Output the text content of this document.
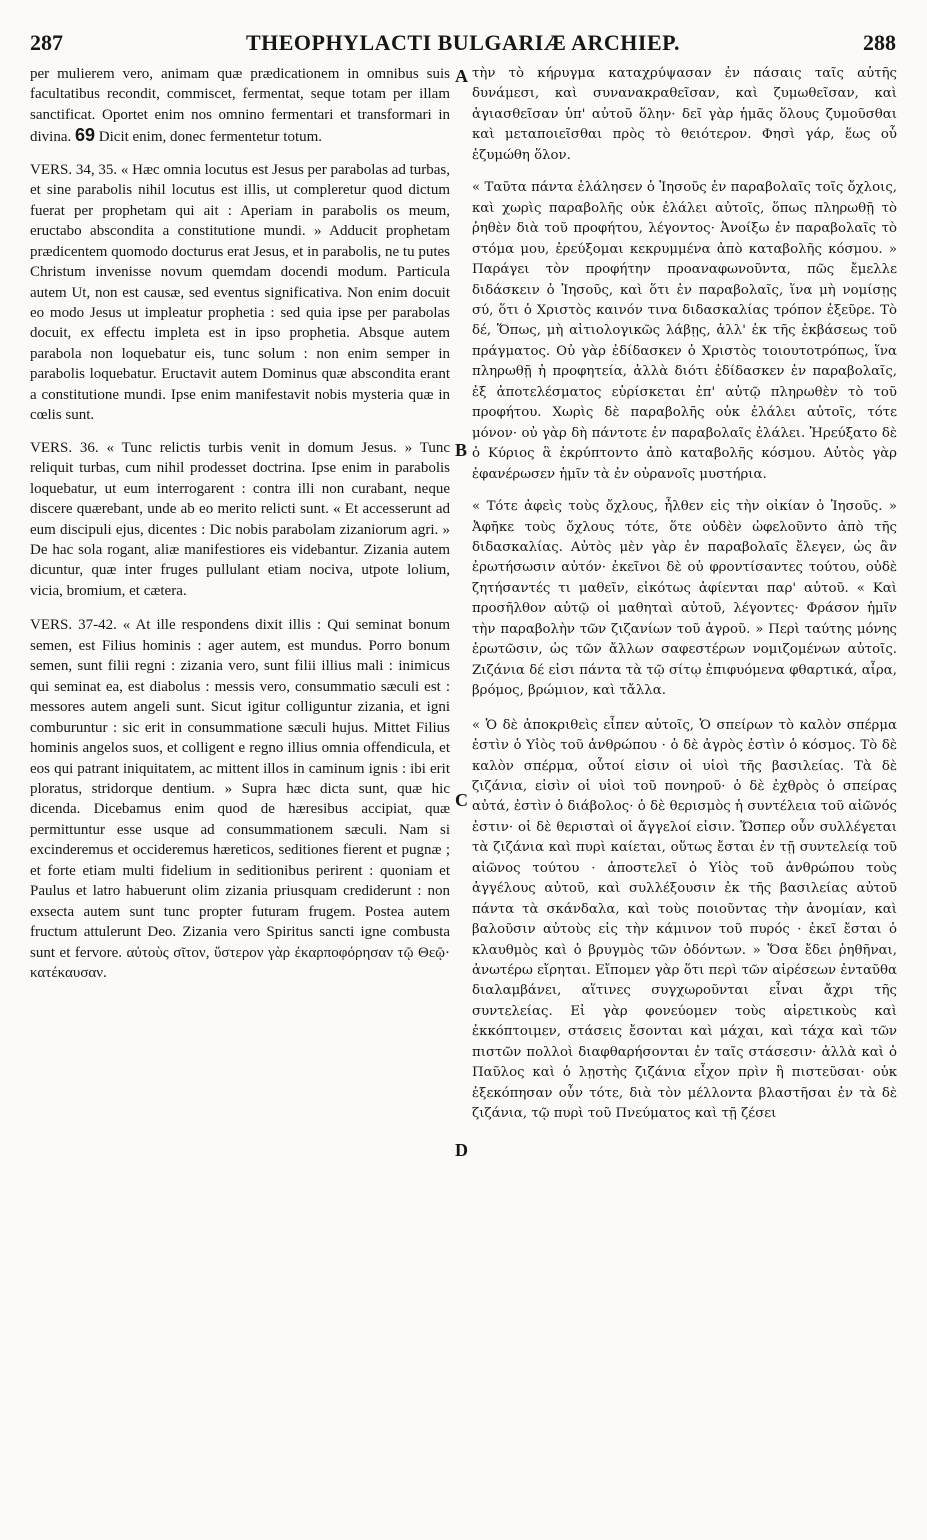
287	THEOPHYLACTI BULGARIÆ ARCHIEP.	288

per mulierem vero, animam quæ prædicationem in omnibus suis facultatibus recondit, commiscet, fermentat, seque totam per illam sanctificat. Oportet enim nos omnino fermentari et transformari in divina. 69 Dicit enim, donec fermentetur totum.

VERS. 34, 35. « Hæc omnia locutus est Jesus per parabolas ad turbas, et sine parabolis nihil locutus est illis, ut compleretur quod dictum fuerat per prophetam qui ait : Aperiam in parabolis os meum, eructabo abscondita a constitutione mundi. » Adducit prophetam prædicentem quomodo docturus erat Jesus, et in parabolis, ne tu putes Christum invenisse novum quemdam docendi modum. Particula autem Ut, non est causæ, sed eventus significativa. Non enim docuit eo modo Jesus ut impleatur prophetia : sed quia ipse per parabolas docuit, ex effectu impleta est in ipso prophetia. Absque autem parabola non loquebatur eis, tunc solum : non enim semper in parabolis loquebatur. Eructavit autem Dominus quæ abscondita erant a constitutione mundi. Ipse enim manifestavit nobis mysteria quæ in cœlis sunt.

VERS. 36. « Tunc relictis turbis venit in domum Jesus. » Tunc reliquit turbas, cum nihil prodesset doctrina. Ipse enim in parabolis loquebatur, ut eum interrogarent : contra illi non curabant, neque discere quærebant, unde ab eo merito relicti sunt. « Et accesserunt ad eum discipuli ejus, dicentes : Dic nobis parabolam zizaniorum agri. » De hac sola rogant, aliæ manifestiores eis videbantur. Zizania autem dicuntur, quæ inter fruges pullulant etiam nociva, utpote lolium, vicia, bromium, et cætera.

VERS. 37-42. « At ille respondens dixit illis : Qui seminat bonum semen, est Filius hominis : ager autem, est mundus. Porro bonum semen, sunt filii regni : zizania vero, sunt filii illius mali : inimicus qui seminat ea, est diabolus : messis vero, consummatio sæculi est : messores autem angeli sunt. Sicut igitur colliguntur zizania, et igni comburuntur : sic erit in consummatione sæculi hujus. Mittet Filius hominis angelos suos, et colligent e regno illius omnia offendicula, et eos qui patrant iniquitatem, ac mittent illos in caminum ignis : ibi erit ploratus, stridorque dentium. » Supra hæc dicta sunt, quæ hic dicenda. Dicebamus enim quod de hæresibus accipiat, quæ permittuntur esse usque ad consummationem sæculi. Nam si excinderemus et occideremus hæreticos, seditiones fierent et pugnæ ; et forte etiam multi fidelium in seditionibus perirent : quoniam et Paulus et latro habuerunt olim zizania priusquam crediderunt : non exsecta autem sunt tunc propter futuram frugem. Postea autem fructum attulerunt Deo. Zizania vero Spiritus sancti igne combusta sunt et fervore. αὐτοὺς σῖτον, ὕστερον γὰρ ἐκαρποφόρησαν τῷ Θεῷ· κατέκαυσαν.

A
B
C
D

τὴν τὸ κήρυγμα καταχρύψασαν ἐν πάσαις ταῖς αὐτῆς δυνάμεσι, καὶ συνανακραθεῖσαν, καὶ ζυμωθεῖσαν, καὶ ἁγιασθεῖσαν ὑπ' αὐτοῦ ὅλην· δεῖ γὰρ ἡμᾶς ὅλους ζυμοῦσθαι καὶ μεταποιεῖσθαι πρὸς τὸ θειότερον. Φησὶ γάρ, ἕως οὗ ἐζυμώθη ὅλον.

« Ταῦτα πάντα ἐλάλησεν ὁ Ἰησοῦς ἐν παραβολαῖς τοῖς ὄχλοις, καὶ χωρὶς παραβολῆς οὐκ ἐλάλει αὐτοῖς, ὅπως πληρωθῇ τὸ ῥηθὲν διὰ τοῦ προφήτου, λέγοντος· Ἀνοίξω ἐν παραβολαῖς τὸ στόμα μου, ἐρεύξομαι κεκρυμμένα ἀπὸ καταβολῆς κόσμου. » Παράγει τὸν προφήτην προαναφωνοῦντα, πῶς ἔμελλε διδάσκειν ὁ Ἰησοῦς, καὶ ὅτι ἐν παραβολαῖς, ἵνα μὴ νομίσῃς σύ, ὅτι ὁ Χριστὸς καινόν τινα διδασκαλίας τρόπον ἐξεῦρε. Τὸ δέ, Ὅπως, μὴ αἰτιολογικῶς λάβῃς, ἀλλ' ἐκ τῆς ἐκβάσεως τοῦ πράγματος. Οὐ γὰρ ἐδίδασκεν ὁ Χριστὸς τοιουτοτρόπως, ἵνα πληρωθῇ ἡ προφητεία, ἀλλὰ διότι ἐδίδασκεν ἐν παραβολαῖς, ἐξ ἀποτελέσματος εὑρίσκεται ἐπ' αὐτῷ πληρωθὲν τὸ τοῦ προφήτου. Χωρὶς δὲ παραβολῆς οὐκ ἐλάλει αὐτοῖς, τότε μόνον· οὐ γὰρ δὴ πάντοτε ἐν παραβολαῖς ἐλάλει. Ἠρεύξατο δὲ ὁ Κύριος ἃ ἐκρύπτοντο ἀπὸ καταβολῆς κόσμου. Αὐτὸς γὰρ ἐφανέρωσεν ἡμῖν τὰ ἐν οὐρανοῖς μυστήρια.

« Τότε ἀφεὶς τοὺς ὄχλους, ἦλθεν εἰς τὴν οἰκίαν ὁ Ἰησοῦς. » Ἀφῆκε τοὺς ὄχλους τότε, ὅτε οὐδὲν ὠφελοῦντο ἀπὸ τῆς διδασκαλίας. Αὐτὸς μὲν γὰρ ἐν παραβολαῖς ἔλεγεν, ὡς ἂν ἐρωτήσωσιν αὐτόν· ἐκεῖνοι δὲ οὐ φροντίσαντες τούτου, οὐδὲ ζητήσαντές τι μαθεῖν, εἰκότως ἀφίενται παρ' αὐτοῦ. « Καὶ προσῆλθον αὐτῷ οἱ μαθηταὶ αὐτοῦ, λέγοντες· Φράσον ἡμῖν τὴν παραβολὴν τῶν ζιζανίων τοῦ ἀγροῦ. » Περὶ ταύτης μόνης ἐρωτῶσιν, ὡς τῶν ἄλλων σαφεστέρων νομιζομένων αὐτοῖς. Ζιζάνια δέ εἰσι πάντα τὰ τῷ σίτῳ ἐπιφυόμενα φθαρτικά, αἶρα, βρόμος, βρώμιον, καὶ τἄλλα.

« Ὁ δὲ ἀποκριθεὶς εἶπεν αὐτοῖς, Ὁ σπείρων τὸ καλὸν σπέρμα ἐστὶν ὁ Υἱὸς τοῦ ἀνθρώπου · ὁ δὲ ἀγρὸς ἐστὶν ὁ κόσμος. Τὸ δὲ καλὸν σπέρμα, οὗτοί εἰσιν οἱ υἱοὶ τῆς βασιλείας. Τὰ δὲ ζιζάνια, εἰσὶν οἱ υἱοὶ τοῦ πονηροῦ· ὁ δὲ ἐχθρὸς ὁ σπείρας αὐτά, ἐστὶν ὁ διάβολος· ὁ δὲ θερισμὸς ἡ συντέλεια τοῦ αἰῶνός ἐστιν· οἱ δὲ θερισταὶ οἱ ἄγγελοί εἰσιν. Ὥσπερ οὖν συλλέγεται τὰ ζιζάνια καὶ πυρὶ καίεται, οὕτως ἔσται ἐν τῇ συντελείᾳ τοῦ αἰῶνος τούτου · ἀποστελεῖ ὁ Υἱὸς τοῦ ἀνθρώπου τοὺς ἀγγέλους αὐτοῦ, καὶ συλλέξουσιν ἐκ τῆς βασιλείας αὐτοῦ πάντα τὰ σκάνδαλα, καὶ τοὺς ποιοῦντας τὴν ἀνομίαν, καὶ βαλοῦσιν αὐτοὺς εἰς τὴν κάμινον τοῦ πυρός · ἐκεῖ ἔσται ὁ κλαυθμὸς καὶ ὁ βρυγμὸς τῶν ὀδόντων. » Ὅσα ἔδει ῥηθῆναι, ἀνωτέρω εἴρηται. Εἴπομεν γὰρ ὅτι περὶ τῶν αἱρέσεων ἐνταῦθα διαλαμβάνει, αἵτινες συγχωροῦνται εἶναι ἄχρι τῆς συντελείας. Εἰ γὰρ φονεύομεν τοὺς αἱρετικοὺς καὶ ἐκκόπτοιμεν, στάσεις ἔσονται καὶ μάχαι, καὶ τάχα καὶ τῶν πιστῶν πολλοὶ διαφθαρήσονται ἐν ταῖς στάσεσιν· ἀλλὰ καὶ ὁ Παῦλος καὶ ὁ λῃστὴς ζιζάνια εἶχον πρὶν ἢ πιστεῦσαι· οὐκ ἐξεκόπησαν οὖν τότε, διὰ τὸν μέλλοντα βλαστῆσαι ἐν τὰ δὲ ζιζάνια, τῷ πυρὶ τοῦ Πνεύματος καὶ τῇ ζέσει
